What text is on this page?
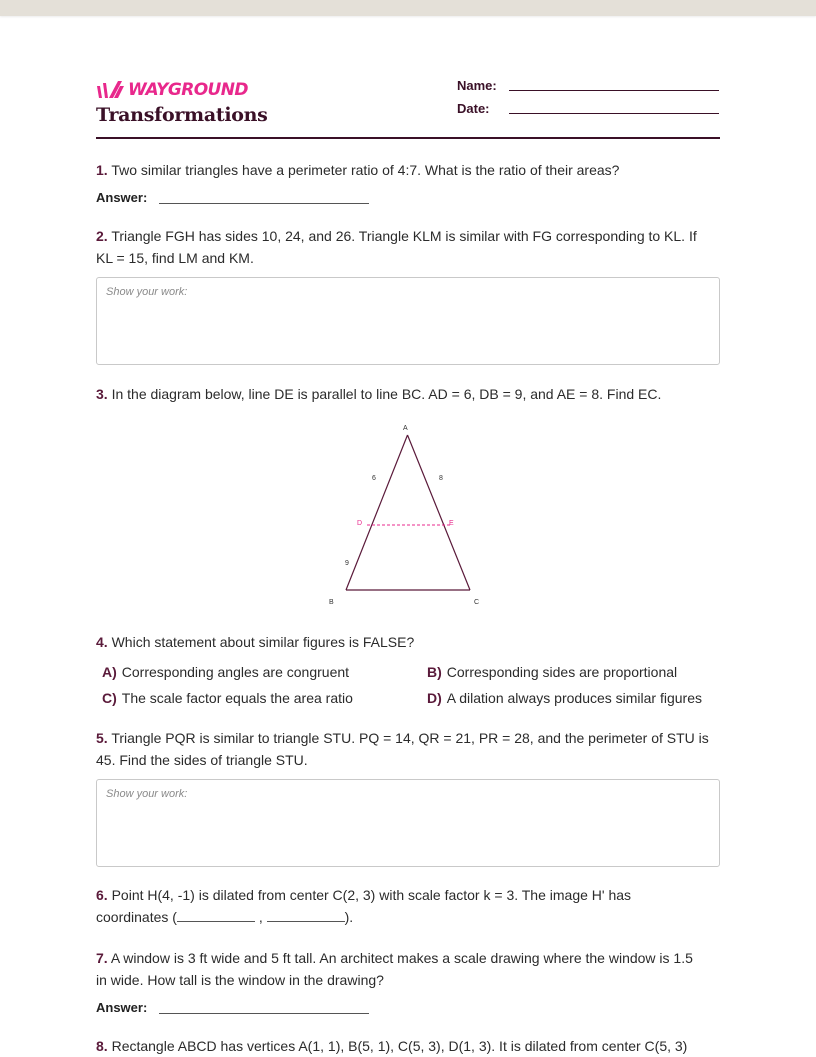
WAYGROUND
Transformations
Name:
Date:
1. Two similar triangles have a perimeter ratio of 4:7. What is the ratio of their areas?
Answer:
2. Triangle FGH has sides 10, 24, and 26. Triangle KLM is similar with FG corresponding to KL. If
KL = 15, find LM and KM.
Show your work:
3. In the diagram below, line DE is parallel to line BC. AD = 6, DB = 9, and AE = 8. Find EC.
A
B	C
D	E
6	8
9
4. Which statement about similar figures is FALSE?
A) Corresponding angles are congruent	B) Corresponding sides are proportional
C) The scale factor equals the area ratio	D) A dilation always produces similar figures
5. Triangle PQR is similar to triangle STU. PQ = 14, QR = 21, PR = 28, and the perimeter of STU is
45. Find the sides of triangle STU.
Show your work:
6. Point H(4, -1) is dilated from center C(2, 3) with scale factor k = 3. The image H' has
coordinates (	,	).
7. A window is 3 ft wide and 5 ft tall. An architect makes a scale drawing where the window is 1.5
in wide. How tall is the window in the drawing?
Answer:
8. Rectangle ABCD has vertices A(1, 1), B(5, 1), C(5, 3), D(1, 3). It is dilated from center C(5, 3)
